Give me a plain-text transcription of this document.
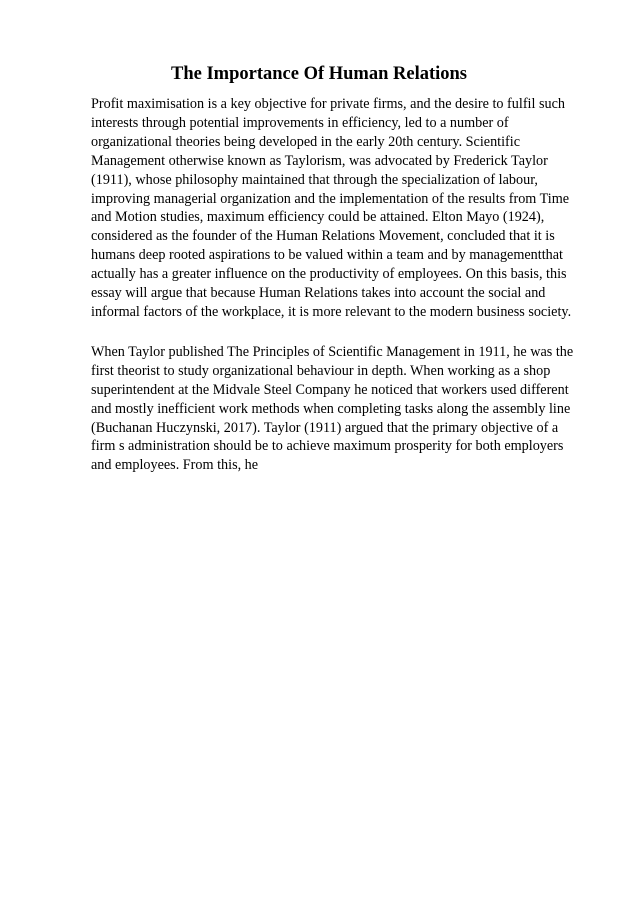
The Importance Of Human Relations

Profit maximisation is a key objective for private firms, and the desire to fulfil such
interests through potential improvements in efficiency, led to a number of
organizational theories being developed in the early 20th century. Scientific
Management otherwise known as Taylorism, was advocated by Frederick Taylor
(1911), whose philosophy maintained that through the specialization of labour,
improving managerial organization and the implementation of the results from Time
and Motion studies, maximum efficiency could be attained. Elton Mayo (1924),
considered as the founder of the Human Relations Movement, concluded that it is
humans deep rooted aspirations to be valued within a team and by managementthat
actually has a greater influence on the productivity of employees. On this basis, this
essay will argue that because Human Relations takes into account the social and
informal factors of the workplace, it is more relevant to the modern business society.

When Taylor published The Principles of Scientific Management in 1911, he was the
first theorist to study organizational behaviour in depth. When working as a shop
superintendent at the Midvale Steel Company he noticed that workers used different
and mostly inefficient work methods when completing tasks along the assembly line
(Buchanan Huczynski, 2017). Taylor (1911) argued that the primary objective of a
firm s administration should be to achieve maximum prosperity for both employers
and employees. From this, he
